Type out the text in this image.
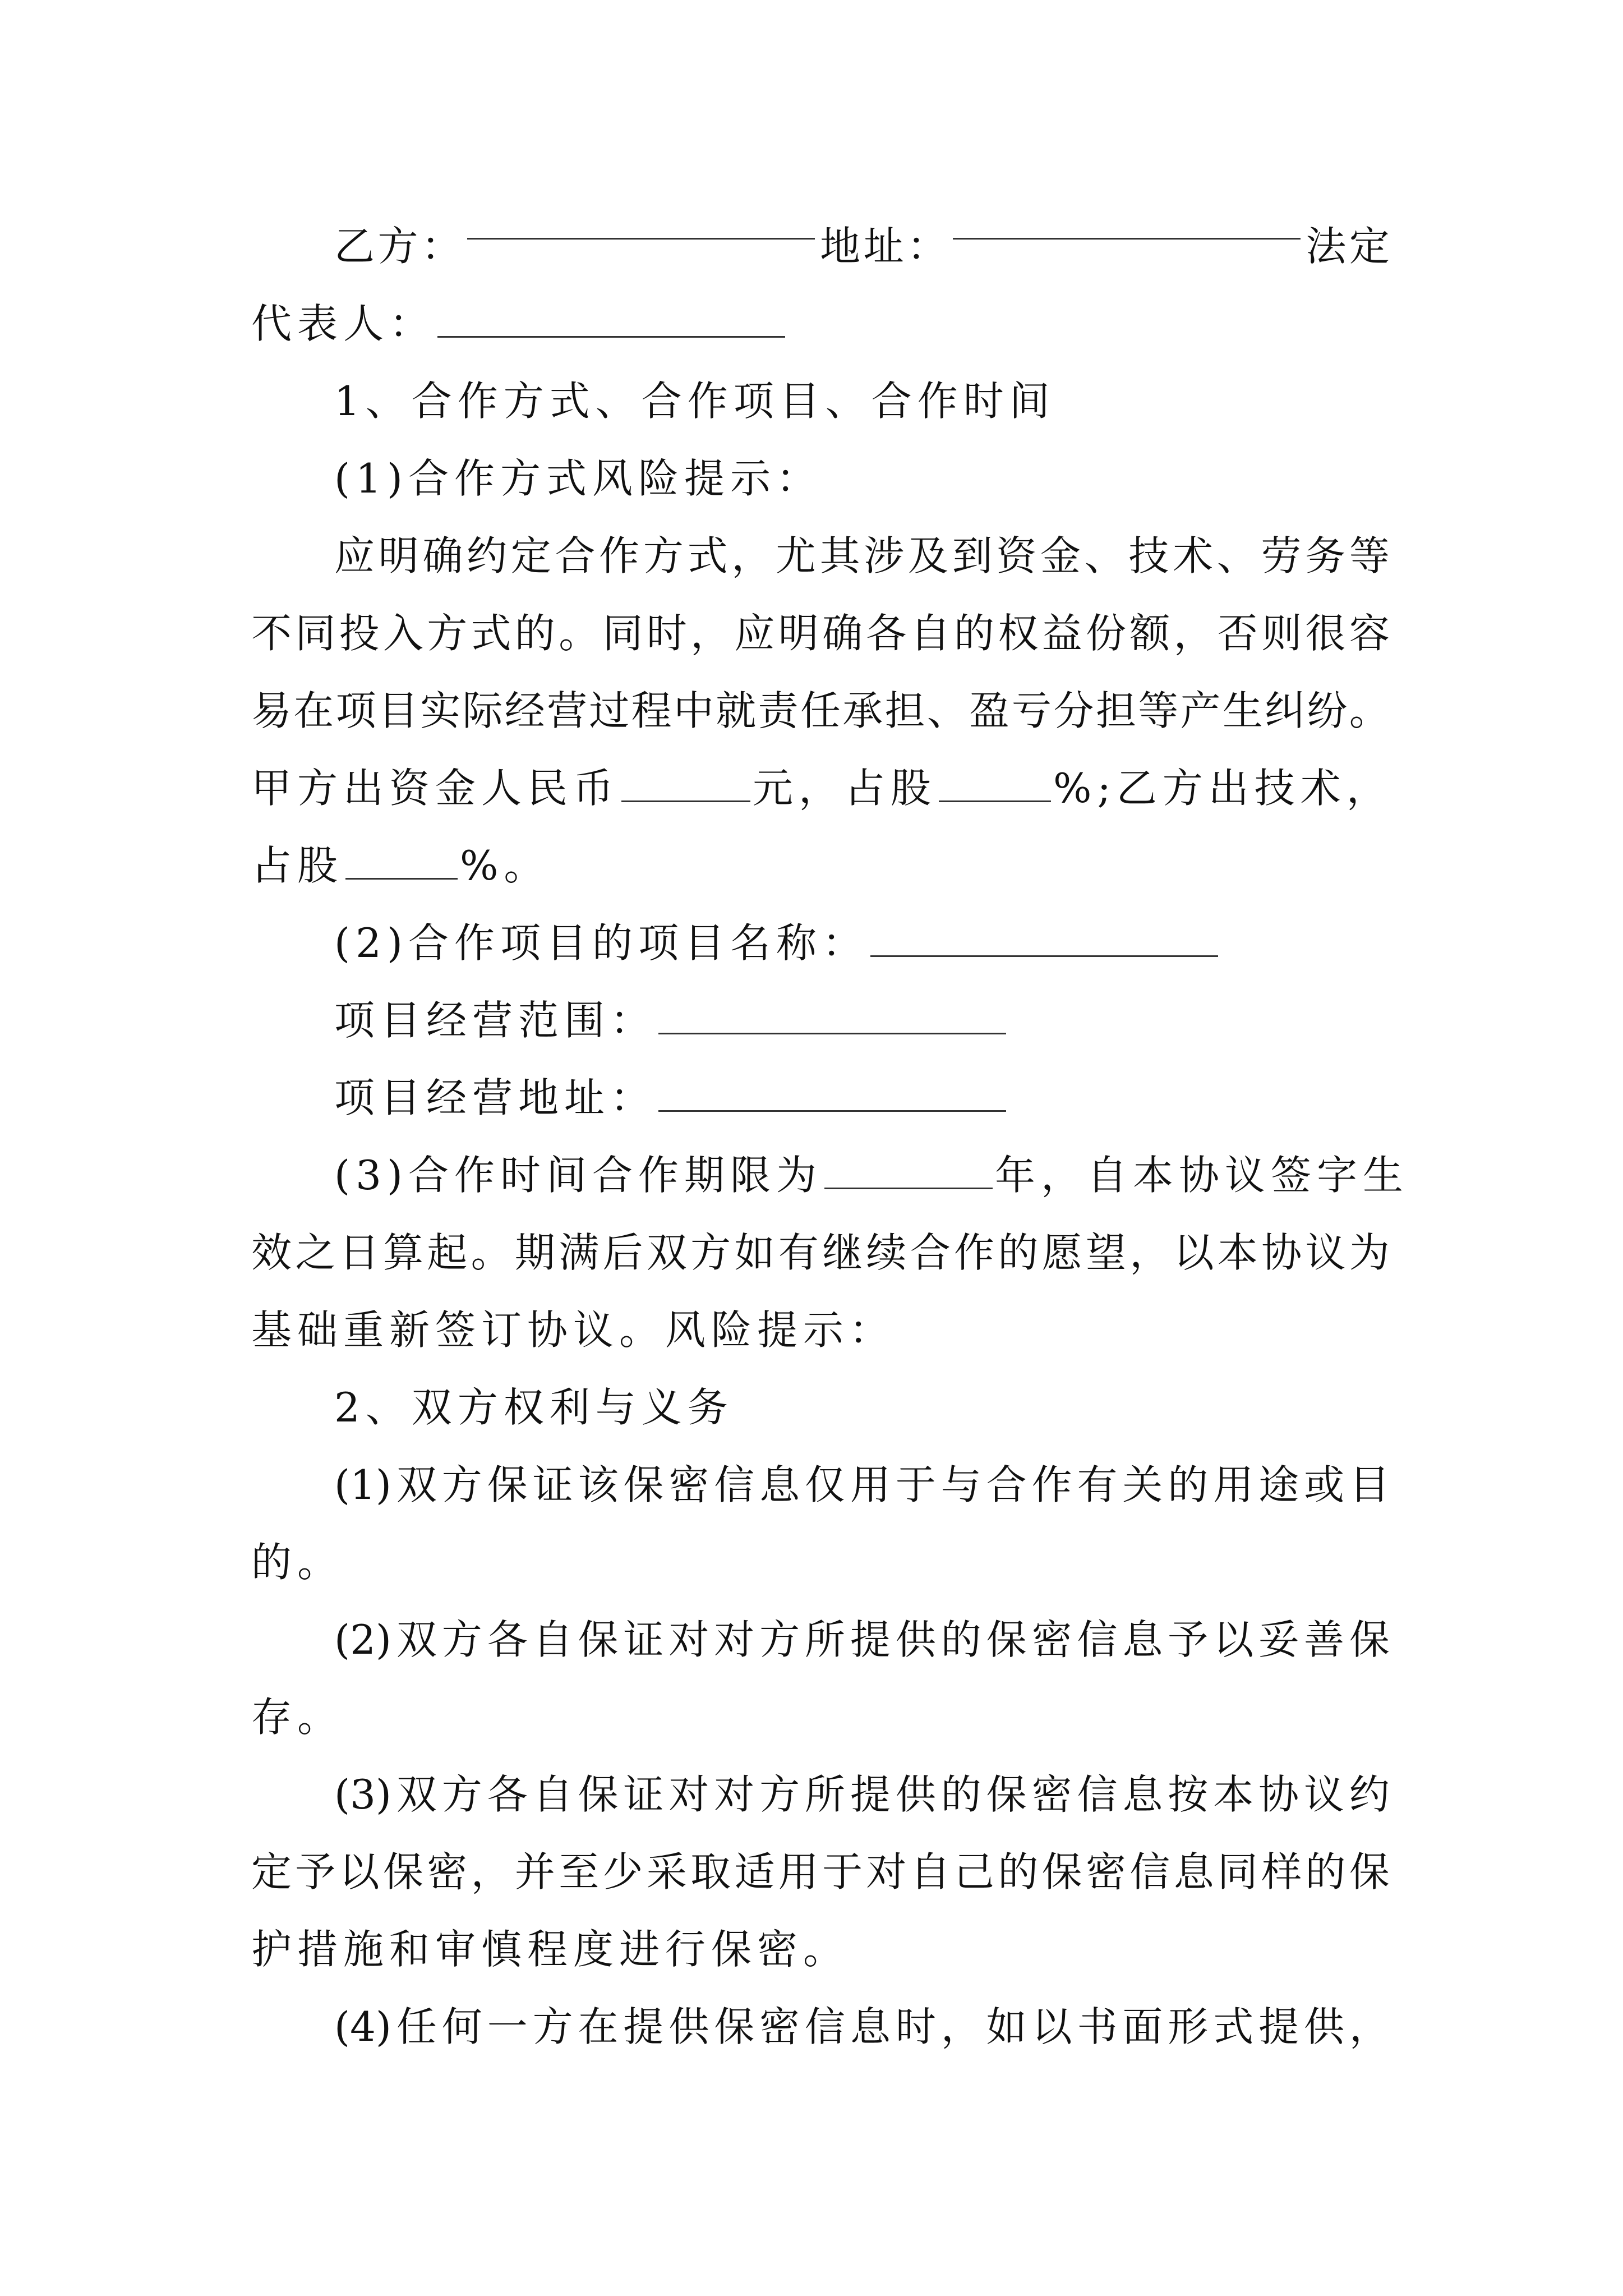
乙 方 ：	地 址 ：	法 定
代表人：
1、合作方式、合作项目、合作时间
(1)合作方式风险提示：
应 明 确 约 定 合 作 方 式 ， 尤 其 涉 及 到 资 金 、 技 术 、 劳 务 等
不 同 投 入 方 式 的 。 同 时 ， 应 明 确 各 自 的 权 益 份 额 ， 否 则 很 容
易 在 项 目 实 际 经 营 过 程 中 就 责 任 承 担 、 盈 亏 分 担 等 产 生 纠 纷 。
甲方出资金人民币	元，占股	%;乙方出技术，
占股	%。
(2)合作项目的项目名称：
项目经营范围：
项目经营地址：
(3)合作时间合作期限为	年，自本协议签字生
效 之 日 算 起 。 期 满 后 双 方 如 有 继 续 合 作 的 愿 望 ， 以 本 协 议 为
基础重新签订协议。风险提示：
2、双方权利与义务
(1) 双 方 保 证 该 保 密 信 息 仅 用 于 与 合 作 有 关 的 用 途 或 目
的。
(2) 双 方 各 自 保 证 对 对 方 所 提 供 的 保 密 信 息 予 以 妥 善 保
存。
(3) 双 方 各 自 保 证 对 对 方 所 提 供 的 保 密 信 息 按 本 协 议 约
定 予 以 保 密 ， 并 至 少 采 取 适 用 于 对 自 己 的 保 密 信 息 同 样 的 保
护措施和审慎程度进行保密。
(4) 任 何 一 方 在 提 供 保 密 信 息 时 ， 如 以 书 面 形 式 提 供 ，
